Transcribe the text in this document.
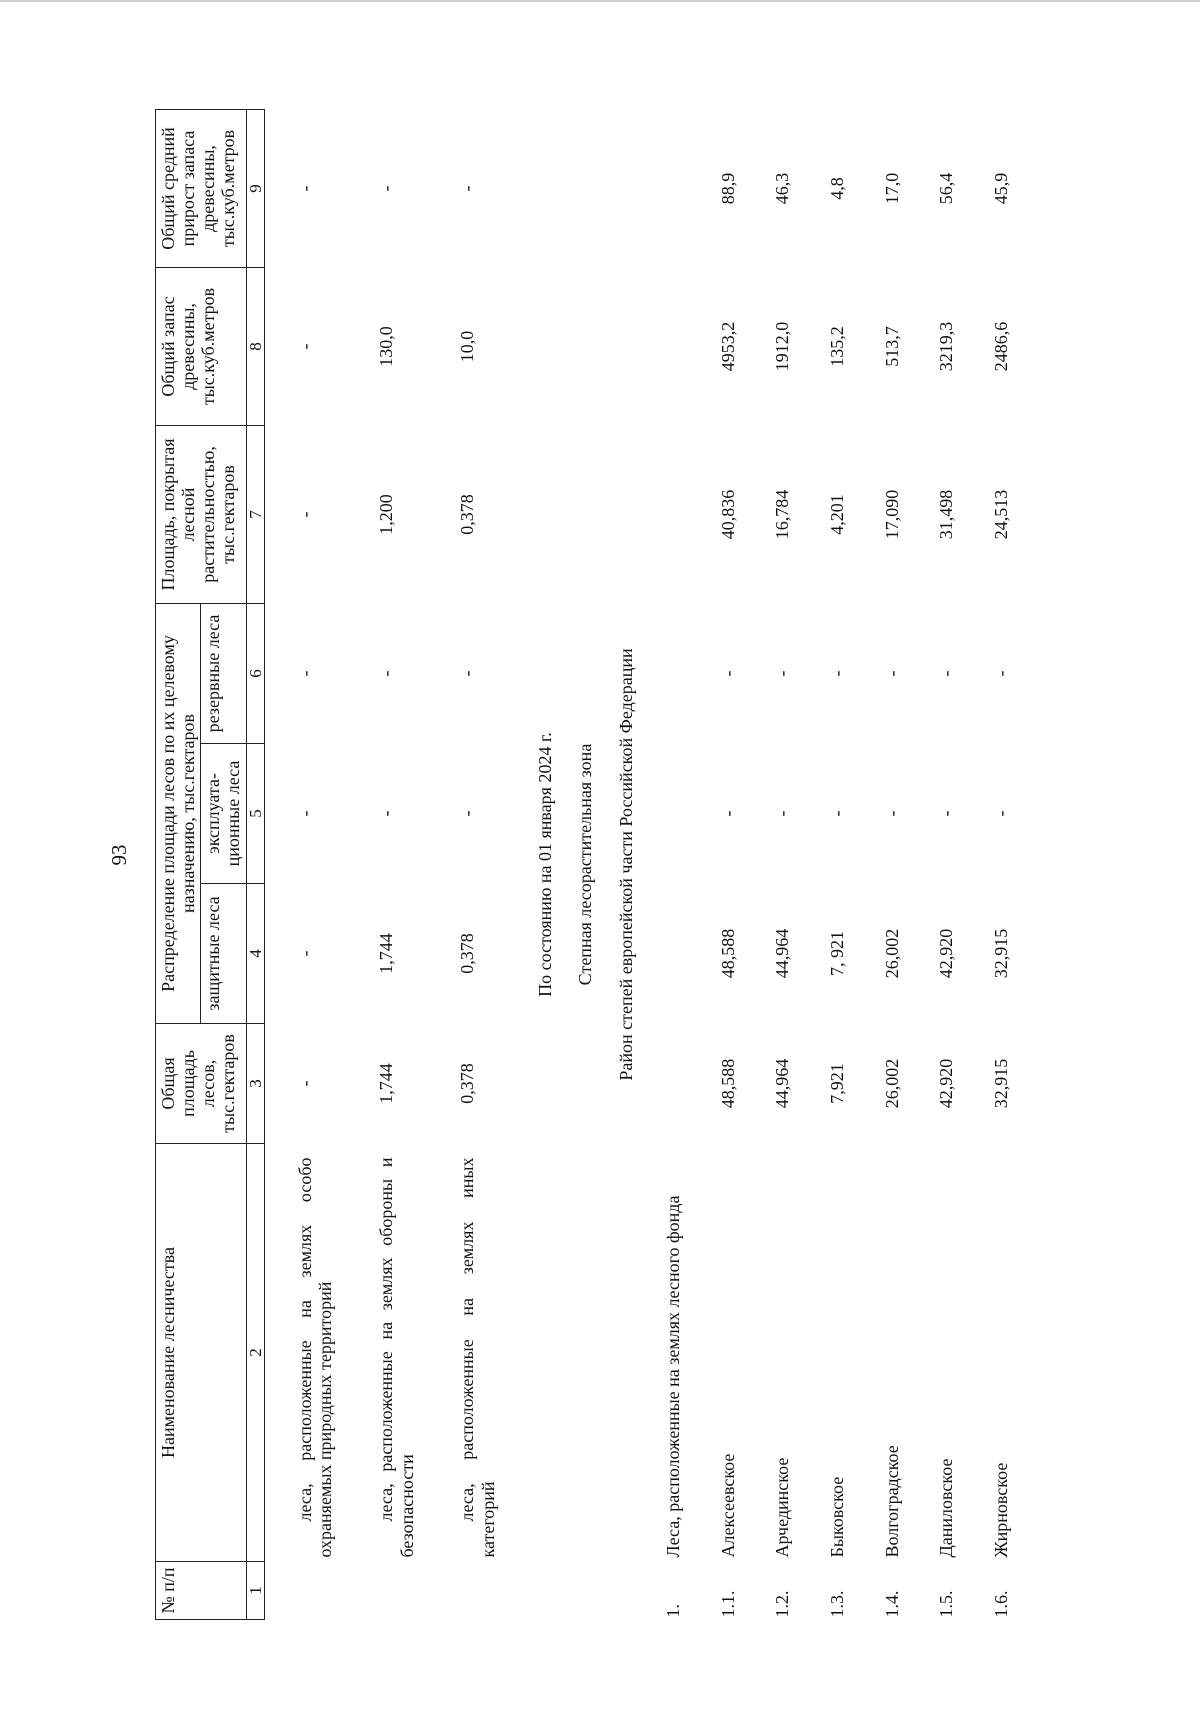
93
№ п/п	Наименование лесничества	Общая площадь лесов, тыс.гектаров	Распределение площади лесов по их целевому назначению, тыс.гектаров			Площадь, покрытая лесной растительностью, тыс.гектаров	Общий запас древесины, тыс.куб.метров	Общий средний прирост запаса древесины, тыс.куб.метров
			защитные леса	эксплуата-ционные леса	резервные леса			
1	2	3	4	5	6	7	8	9
	леса, расположенные на землях особо охраняемых природных территорий	-	-	-	-	-	-	-
	леса, расположенные на землях обороны и безопасности	1,744	1,744	-	-	1,200	130,0	-
	леса, расположенные на землях иных категорий	0,378	0,378	-	-	0,378	10,0	-
По состоянию на 01 января 2024 г.								
Степная лесорастительная зона								
Район степей европейской части Российской Федерации								
1.	Леса, расположенные на землях лесного фонда							
1.1.	Алексеевское	48,588	48,588	-	-	40,836	4953,2	88,9
1.2.	Арчединское	44,964	44,964	-	-	16,784	1912,0	46,3
1.3.	Быковское	7,921	7, 921	-	-	4,201	135,2	4,8
1.4.	Волгоградское	26,002	26,002	-	-	17,090	513,7	17,0
1.5.	Даниловское	42,920	42,920	-	-	31,498	3219,3	56,4
1.6.	Жирновское	32,915	32,915	-	-	24,513	2486,6	45,9
